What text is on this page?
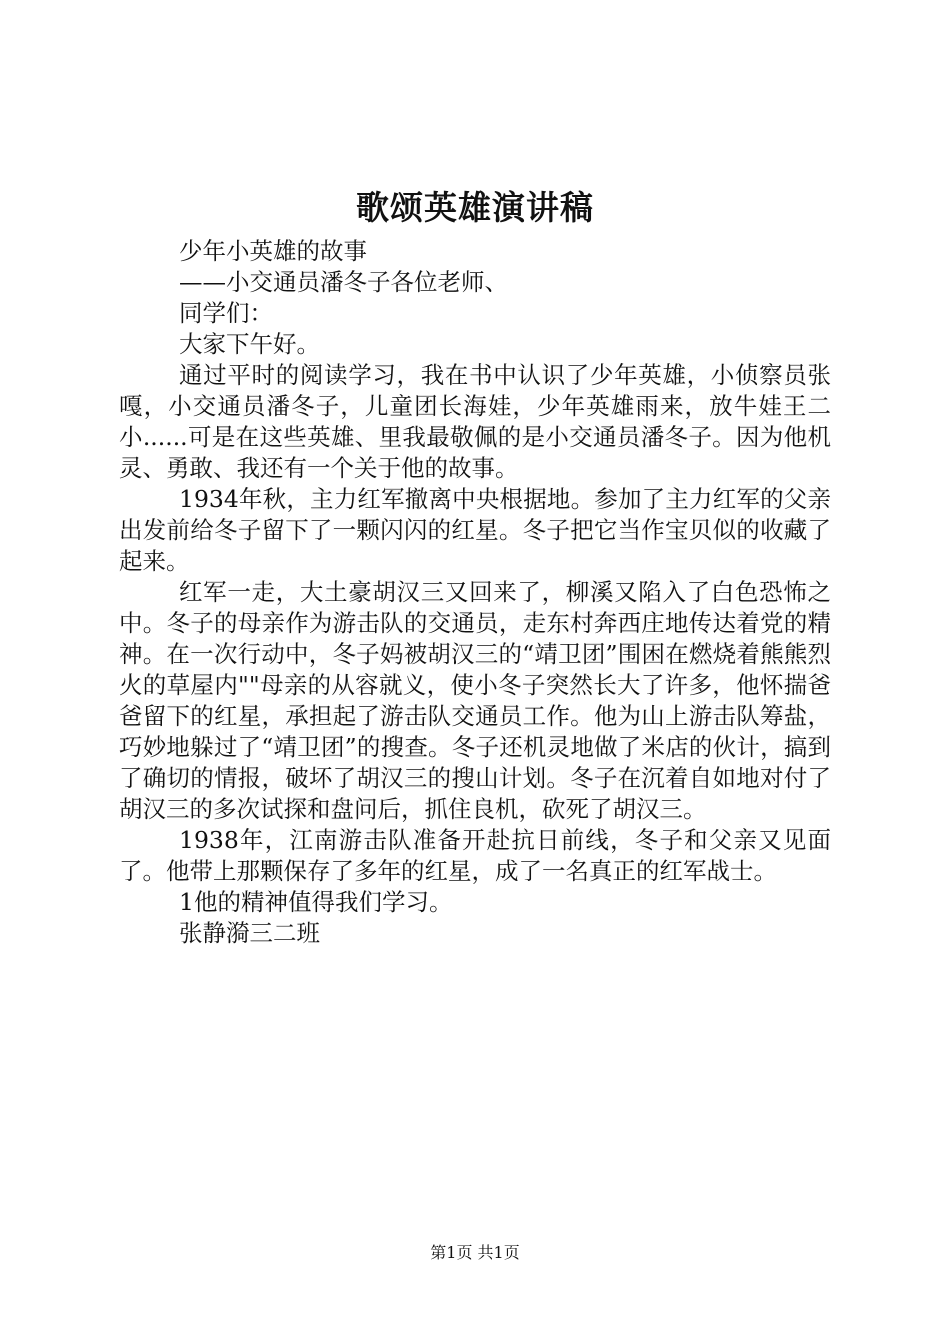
歌颂英雄演讲稿

少年小英雄的故事

——小交通员潘冬子各位老师、

同学们：

大家下午好。

通过平时的阅读学习，我在书中认识了少年英雄，小侦察员张嘎，小交通员潘冬子，儿童团长海娃，少年英雄雨来，放牛娃王二小......可是在这些英雄、里我最敬佩的是小交通员潘冬子。因为他机灵、勇敢、我还有一个关于他的故事。

1934年秋，主力红军撤离中央根据地。参加了主力红军的父亲出发前给冬子留下了一颗闪闪的红星。冬子把它当作宝贝似的收藏了起来。

红军一走，大土豪胡汉三又回来了，柳溪又陷入了白色恐怖之中。冬子的母亲作为游击队的交通员，走东村奔西庄地传达着党的精神。在一次行动中，冬子妈被胡汉三的“靖卫团”围困在燃烧着熊熊烈火的草屋内""母亲的从容就义，使小冬子突然长大了许多，他怀揣爸爸留下的红星，承担起了游击队交通员工作。他为山上游击队筹盐，巧妙地躲过了“靖卫团”的搜查。冬子还机灵地做了米店的伙计，搞到了确切的情报，破坏了胡汉三的搜山计划。冬子在沉着自如地对付了胡汉三的多次试探和盘问后，抓住良机，砍死了胡汉三。

1938年，江南游击队准备开赴抗日前线，冬子和父亲又见面了。他带上那颗保存了多年的红星，成了一名真正的红军战士。

1他的精神值得我们学习。

张静漪三二班

第1页 共1页
